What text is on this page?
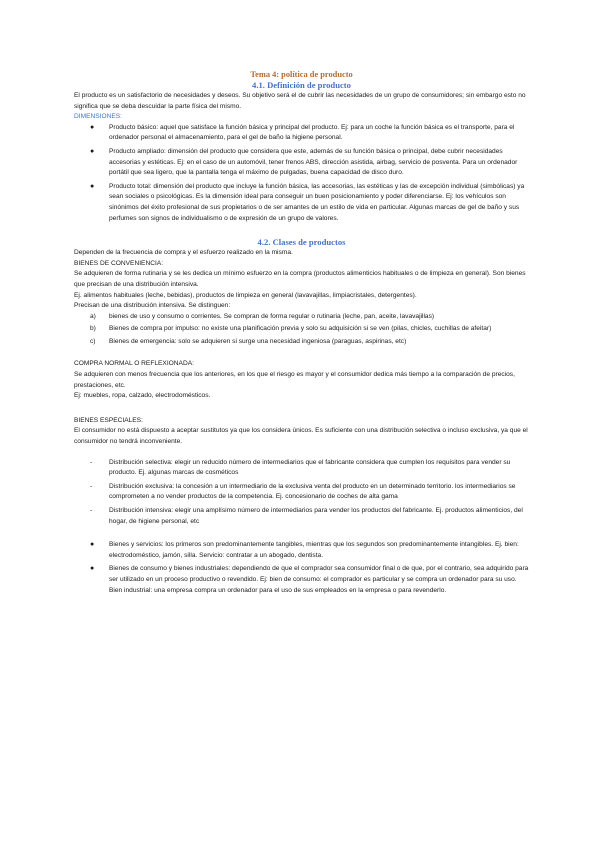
Tema 4: política de producto
4.1. Definición de producto

El producto es un satisfactorio de necesidades y deseos. Su objetivo será el de cubrir las necesidades de un grupo de consumidores; sin embargo esto no significa que se deba descuidar la parte física del mismo.

DIMENSIONES:

● Producto básico: aquel que satisface la función básica y principal del producto. Ej: para un coche la función básica es el transporte, para el ordenador personal el almacenamiento, para el gel de baño la higiene personal.
● Producto ampliado: dimensión del producto que considera que este, además de su función básica o principal, debe cubrir necesidades accesorias y estéticas. Ej: en el caso de un automóvil, tener frenos ABS, dirección asistida, airbag, servicio de posventa. Para un ordenador portátil que sea ligero, que la pantalla tenga el máximo de pulgadas, buena capacidad de disco duro.
● Producto total: dimensión del producto que incluye la función básica, las accesorias, las estéticas y las de excepción individual (simbólicas) ya sean sociales o psicológicas. Es la dimensión ideal para conseguir un buen posicionamiento y poder diferenciarse. Ej: los vehículos son sinónimos del éxito profesional de sus propietarios o de ser amantes de un estilo de vida en particular. Algunas marcas de gel de baño y sus perfumes son signos de individualismo o de expresión de un grupo de valores.
4.2. Clases de productos

Dependen de la frecuencia de compra y el esfuerzo realizado en la misma.

BIENES DE CONVENIENCIA:

Se adquieren de forma rutinaria y se les dedica un mínimo esfuerzo en la compra (productos alimenticios habituales o de limpieza en general). Son bienes que precisan de una distribución intensiva.

Ej. alimentos habituales (leche, bebidas), productos de limpieza en general (lavavajillas, limpiacristales, detergentes).

Precisan de una distribución intensiva. Se distinguen:

a) bienes de uso y consumo o corrientes. Se compran de forma regular o rutinaria (leche, pan, aceite, lavavajillas)
b) Bienes de compra por impulso: no existe una planificación previa y solo su adquisición si se ven (pilas, chicles, cuchillas de afeitar)
c) Bienes de emergencia: solo se adquieren si surge una necesidad ingeniosa (paraguas, aspirinas, etc)

COMPRA NORMAL O REFLEXIONADA:

Se adquieren con menos frecuencia que los anteriores, en los que el riesgo es mayor y el consumidor dedica más tiempo a la comparación de precios, prestaciones, etc.

Ej: muebles, ropa, calzado, electrodomésticos.

BIENES ESPECIALES:

El consumidor no está dispuesto a aceptar sustitutos ya que los considera únicos. Es suficiente con una distribución selectiva o incluso exclusiva, ya que el consumidor no tendrá inconveniente.

-	Distribución selectiva: elegir un reducido número de intermediarios que el fabricante considera que cumplen los requisitos para vender su producto. Ej. algunas marcas de cosméticos
-	Distribución exclusiva: la concesión a un intermediario de la exclusiva venta del producto en un determinado territorio. los intermediarios se comprometen a no vender productos de la competencia. Ej. concesionario de coches de alta gama
-	Distribución intensiva: elegir una amplísimo número de intermediarios para vender los productos del fabricante. Ej. productos alimenticios, del hogar, de higiene personal, etc
● Bienes y servicios: los primeros son predominantemente tangibles, mientras que los segundos son predominantemente intangibles. Ej. bien: electrodoméstico, jamón, silla. Servicio: contratar a un abogado, dentista.
● Bienes de consumo y bienes industriales: dependiendo de que el comprador sea consumidor final o de que, por el contrario, sea adquirido para ser utilizado en un proceso productivo o revendido. Ej: bien de consumo: el comprador es particular y se compra un ordenador para su uso. Bien industrial: una empresa compra un ordenador para el uso de sus empleados en la empresa o para revenderlo.
